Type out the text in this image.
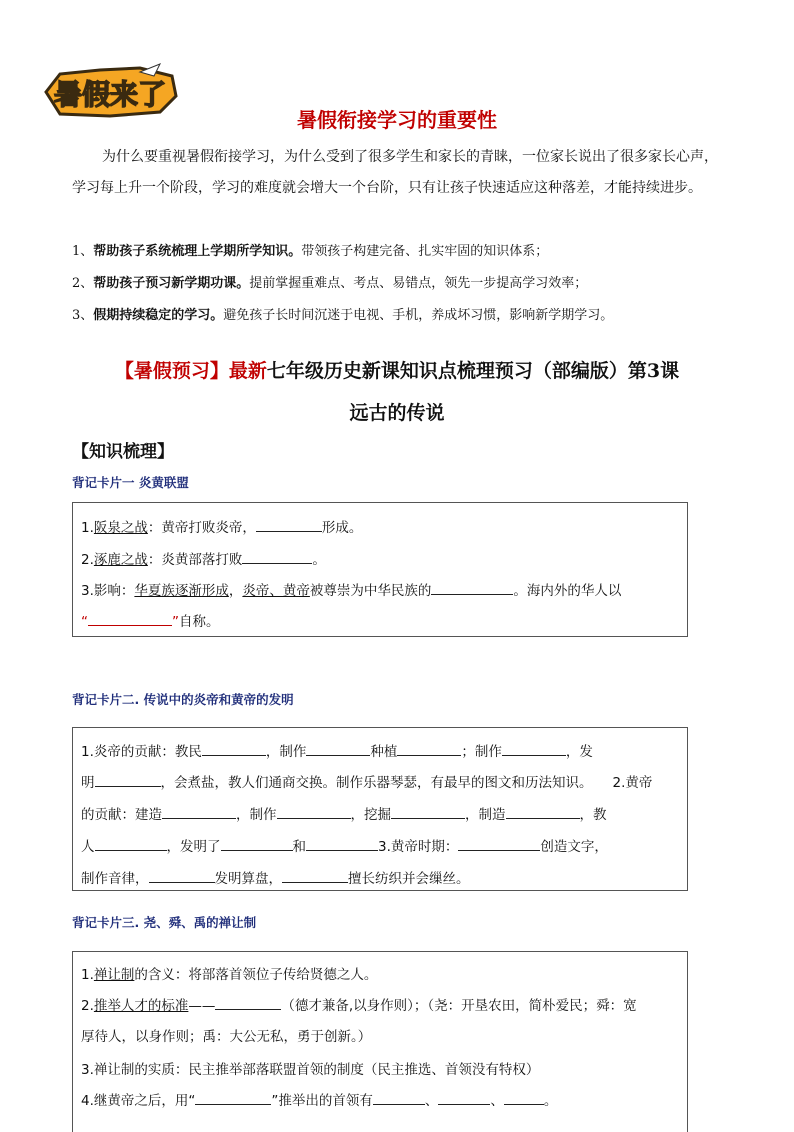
暑假来了
暑假衔接学习的重要性
为什么要重视暑假衔接学习，为什么受到了很多学生和家长的青睐，一位家长说出了很多家长心声，学习每上升一个阶段，学习的难度就会增大一个台阶，只有让孩子快速适应这种落差，才能持续进步。
1、帮助孩子系统梳理上学期所学知识。带领孩子构建完备、扎实牢固的知识体系；
2、帮助孩子预习新学期功课。提前掌握重难点、考点、易错点，领先一步提高学习效率；
3、假期持续稳定的学习。避免孩子长时间沉迷于电视、手机，养成坏习惯，影响新学期学习。
【暑假预习】最新七年级历史新课知识点梳理预习（部编版）第3课
远古的传说
【知识梳理】
背记卡片一 炎黄联盟
1.阪泉之战：黄帝打败炎帝，	形成。
2.涿鹿之战：炎黄部落打败	。
3.影响：华夏族逐渐形成，炎帝、黄帝被尊崇为中华民族的	。海内外的华人以
“	”自称。
背记卡片二. 传说中的炎帝和黄帝的发明
1.炎帝的贡献：教民	，制作	种植	；制作	，发
明	，会煮盐，教人们通商交换。制作乐器琴瑟，有最早的图文和历法知识。 2.黄帝
的贡献：建造	，制作	，挖掘	，制造	，教
人	，发明了	和	3.黄帝时期：	创造文字，
制作音律，	发明算盘，	擅长纺织并会缫丝。
背记卡片三. 尧、舜、禹的禅让制
1.禅让制的含义：将部落首领位子传给贤德之人。
2.推举人才的标准——	（德才兼备,以身作则）；（尧：开垦农田，简朴爱民；舜：宽
厚待人，以身作则；禹：大公无私，勇于创新。）
3.禅让制的实质：民主推举部落联盟首领的制度（民主推选、首领没有特权）
4.继黄帝之后，用“	”推举出的首领有	、	、	。
